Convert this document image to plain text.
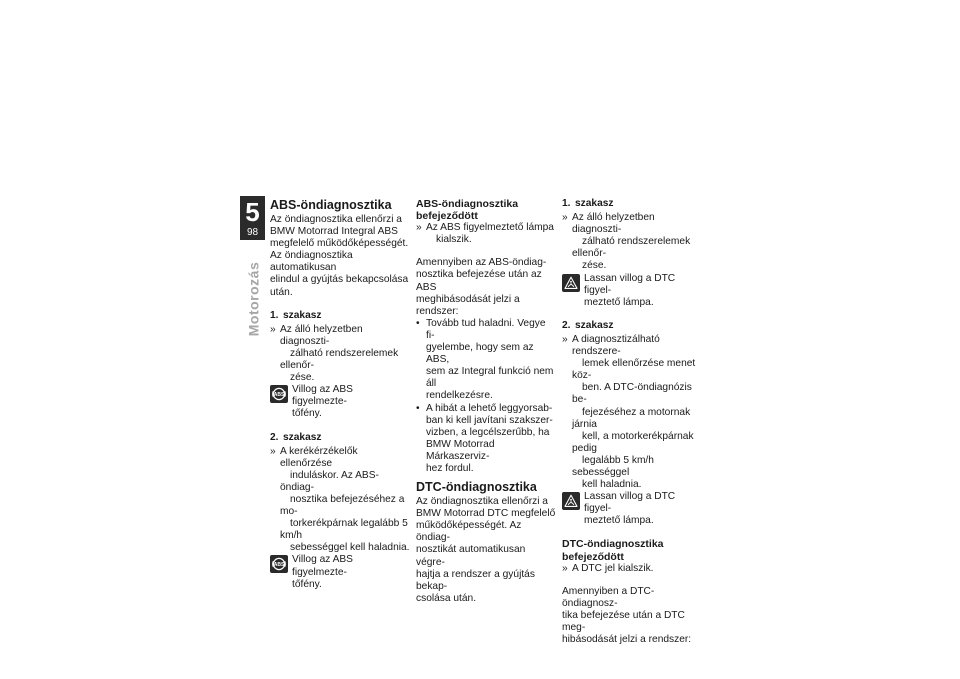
5
98
Motorozás
ABS-öndiagnosztika

Az öndiagnosztika ellenőrzi a
BMW Motorrad Integral ABS
megfelelő működőképességét.
Az öndiagnosztika automatikusan
elindul a gyújtás bekapcsolása
után.

1. szakasz
» Az álló helyzetben diagnoszti-
zálható rendszerelemek ellenőr-
zése.
ABS
Villog az ABS figyelmezte-
tőfény.
2. szakasz
» A kerékérzékelők ellenőrzése
induláskor. Az ABS-öndiag-
nosztika befejezéséhez a mo-
torkerékpárnak legalább 5 km/h
sebességgel kell haladnia.
ABS
Villog az ABS figyelmezte-
tőfény.
ABS-öndiagnosztika
befejeződött
» Az ABS figyelmeztető lámpa
kialszik.

Amennyiben az ABS-öndiag-
nosztika befejezése után az ABS
meghibásodását jelzi a rendszer:

• Tovább tud haladni. Vegye fi-
gyelembe, hogy sem az ABS,
sem az Integral funkció nem áll
rendelkezésre.
• A hibát a lehető leggyorsab-
ban ki kell javítani szakszer-
vizben, a legcélszerűbb, ha
BMW Motorrad Márkaszerviz-
hez fordul.
DTC-öndiagnosztika

Az öndiagnosztika ellenőrzi a
BMW Motorrad DTC megfelelő
működőképességét. Az öndiag-
nosztikát automatikusan végre-
hajtja a rendszer a gyújtás bekap-
csolása után.

1. szakasz
» Az álló helyzetben diagnoszti-
zálható rendszerelemek ellenőr-
zése.
Lassan villog a DTC figyel-
meztető lámpa.
2. szakasz
» A diagnosztizálható rendszere-
lemek ellenőrzése menet köz-
ben. A DTC-öndiagnózis be-
fejezéséhez a motornak járnia
kell, a motorkerékpárnak pedig
legalább 5 km/h sebességgel
kell haladnia.
Lassan villog a DTC figyel-
meztető lámpa.
DTC-öndiagnosztika
befejeződött
» A DTC jel kialszik.

Amennyiben a DTC-öndiagnosz-
tika befejezése után a DTC meg-
hibásodását jelzi a rendszer:
